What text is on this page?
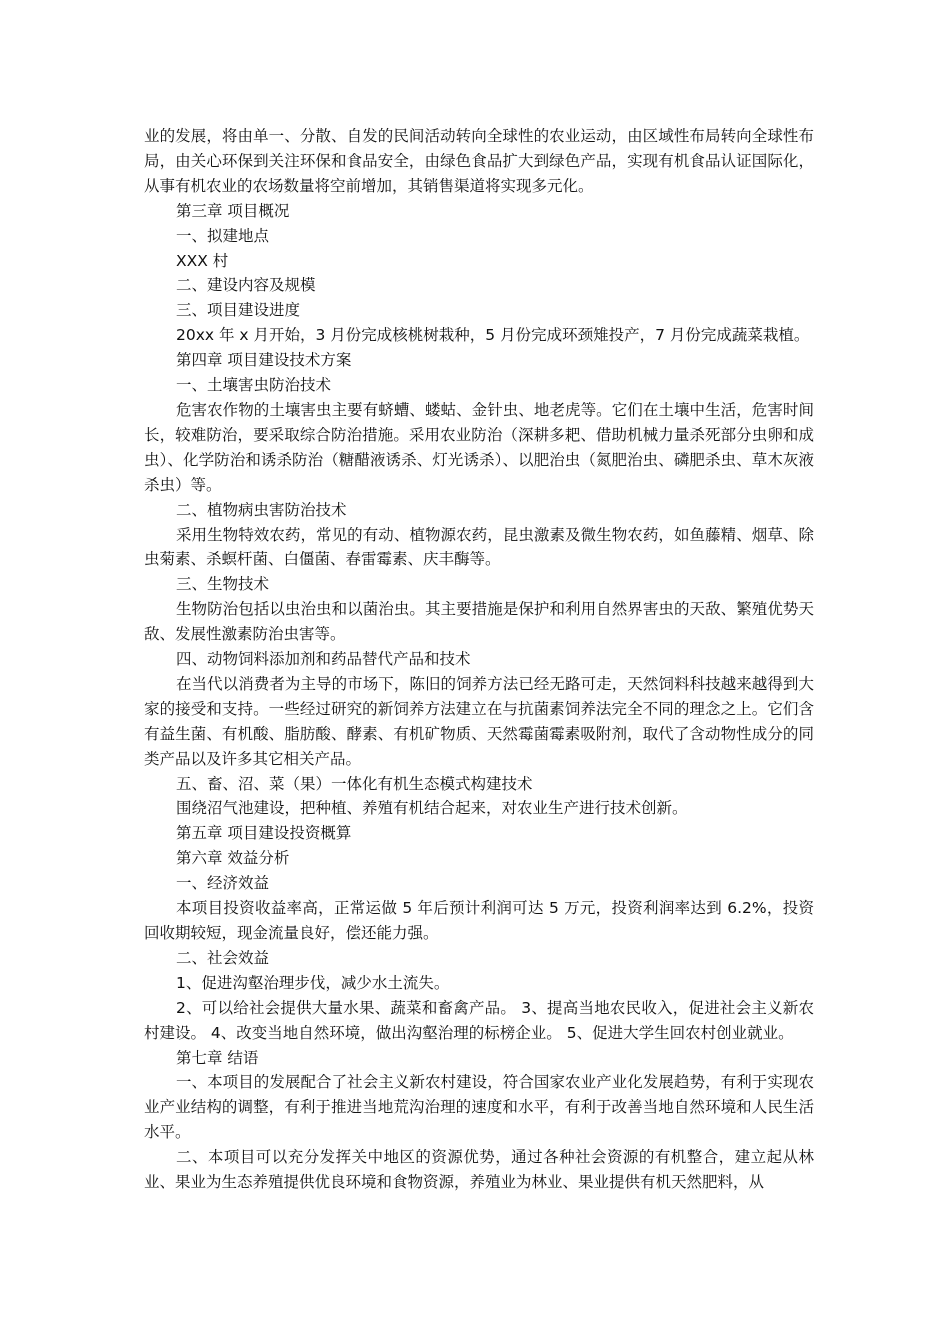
业的发展，将由单一、分散、自发的民间活动转向全球性的农业运动，由区域性布局转向全球性布局，由关心环保到关注环保和食品安全，由绿色食品扩大到绿色产品，实现有机食品认证国际化，从事有机农业的农场数量将空前增加，其销售渠道将实现多元化。

第三章 项目概况

一、拟建地点

XXX 村

二、建设内容及规模

三、项目建设进度

20xx 年 x 月开始，3 月份完成核桃树栽种，5 月份完成环颈雉投产，7 月份完成蔬菜栽植。

第四章 项目建设技术方案

一、土壤害虫防治技术

危害农作物的土壤害虫主要有蛴螬、蝼蛄、金针虫、地老虎等。它们在土壤中生活，危害时间长，较难防治，要采取综合防治措施。采用农业防治（深耕多耙、借助机械力量杀死部分虫卵和成虫）、化学防治和诱杀防治（糖醋液诱杀、灯光诱杀）、以肥治虫（氮肥治虫、磷肥杀虫、草木灰液杀虫）等。

二、植物病虫害防治技术

采用生物特效农药，常见的有动、植物源农药，昆虫激素及微生物农药，如鱼藤精、烟草、除虫菊素、杀螟杆菌、白僵菌、春雷霉素、庆丰酶等。

三、生物技术

生物防治包括以虫治虫和以菌治虫。其主要措施是保护和利用自然界害虫的天敌、繁殖优势天敌、发展性激素防治虫害等。

四、动物饲料添加剂和药品替代产品和技术

在当代以消费者为主导的市场下，陈旧的饲养方法已经无路可走，天然饲料科技越来越得到大家的接受和支持。一些经过研究的新饲养方法建立在与抗菌素饲养法完全不同的理念之上。它们含有益生菌、有机酸、脂肪酸、酵素、有机矿物质、天然霉菌霉素吸附剂，取代了含动物性成分的同类产品以及许多其它相关产品。

五、畜、沼、菜（果）一体化有机生态模式构建技术

围绕沼气池建设，把种植、养殖有机结合起来，对农业生产进行技术创新。

第五章 项目建设投资概算

第六章 效益分析

一、经济效益

本项目投资收益率高，正常运做 5 年后预计利润可达 5 万元，投资利润率达到 6.2%，投资回收期较短，现金流量良好，偿还能力强。

二、社会效益

1、促进沟壑治理步伐，减少水土流失。

2、可以给社会提供大量水果、蔬菜和畜禽产品。 3、提高当地农民收入，促进社会主义新农村建设。 4、改变当地自然环境，做出沟壑治理的标榜企业。 5、促进大学生回农村创业就业。

第七章 结语

一、本项目的发展配合了社会主义新农村建设，符合国家农业产业化发展趋势，有利于实现农业产业结构的调整，有利于推进当地荒沟治理的速度和水平，有利于改善当地自然环境和人民生活水平。

二、本项目可以充分发挥关中地区的资源优势，通过各种社会资源的有机整合，建立起从林业、果业为生态养殖提供优良环境和食物资源，养殖业为林业、果业提供有机天然肥料，从
